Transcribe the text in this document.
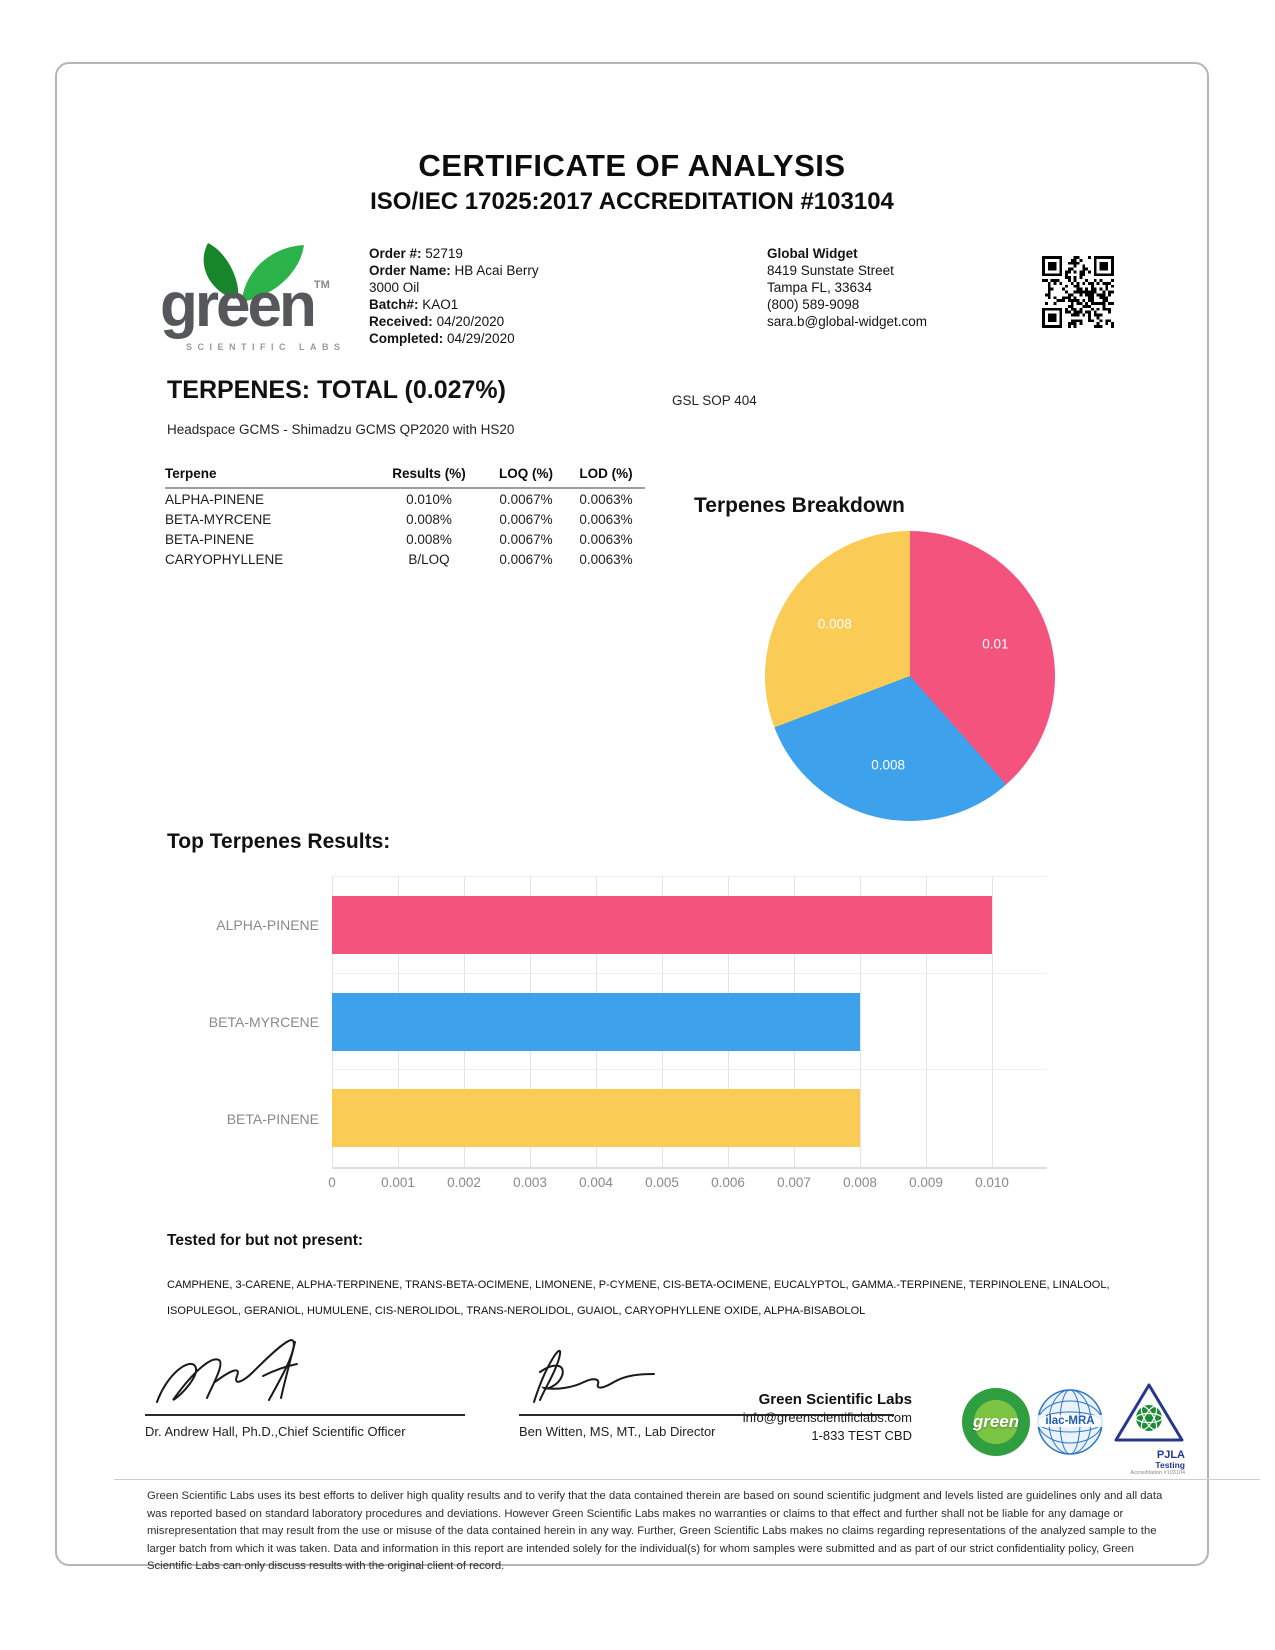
CERTIFICATE OF ANALYSIS
ISO/IEC 17025:2017 ACCREDITATION #103104
green™
SCIENTIFIC LABS
Order #: 52719
Order Name: HB Acai Berry
3000 Oil
Batch#: KAO1
Received: 04/20/2020
Completed: 04/29/2020
Global Widget
8419 Sunstate Street
Tampa FL, 33634
(800) 589-9098
sara.b@global-widget.com
TERPENES: TOTAL (0.027%)	GSL SOP 404
Headspace GCMS - Shimadzu GCMS QP2020 with HS20
Terpene	Results (%)	LOQ (%)	LOD (%)
ALPHA-PINENE	0.010%	0.0067%	0.0063%
BETA-MYRCENE	0.008%	0.0067%	0.0063%
BETA-PINENE	0.008%	0.0067%	0.0063%
CARYOPHYLLENE	B/LOQ	0.0067%	0.0063%
Terpenes Breakdown
0.01
0.008
0.008
Top Terpenes Results:
ALPHA-PINENE
BETA-MYRCENE
BETA-PINENE
0	0.001	0.002	0.003	0.004	0.005	0.006	0.007	0.008	0.009	0.010
Tested for but not present:
CAMPHENE, 3-CARENE, ALPHA-TERPINENE, TRANS-BETA-OCIMENE, LIMONENE, P-CYMENE, CIS-BETA-OCIMENE, EUCALYPTOL, GAMMA.-TERPINENE, TERPINOLENE, LINALOOL, ISOPULEGOL, GERANIOL, HUMULENE, CIS-NEROLIDOL, TRANS-NEROLIDOL, GUAIOL, CARYOPHYLLENE OXIDE, ALPHA-BISABOLOL
Dr. Andrew Hall, Ph.D.,Chief Scientific Officer	Ben Witten, MS, MT., Lab Director
Green Scientific Labs
info@greenscientificlabs.com
1-833 TEST CBD
green	ilac-MRA
PJLA
Testing
Accreditation #103104
Green Scientific Labs uses its best efforts to deliver high quality results and to verify that the data contained therein are based on sound scientific judgment and levels listed are guidelines only and all data was reported based on standard laboratory procedures and deviations. However Green Scientific Labs makes no warranties or claims to that effect and further shall not be liable for any damage or misrepresentation that may result from the use or misuse of the data contained herein in any way. Further, Green Scientific Labs makes no claims regarding representations of the analyzed sample to the larger batch from which it was taken. Data and information in this report are intended solely for the individual(s) for whom samples were submitted and as part of our strict confidentiality policy, Green Scientific Labs can only discuss results with the original client of record.
